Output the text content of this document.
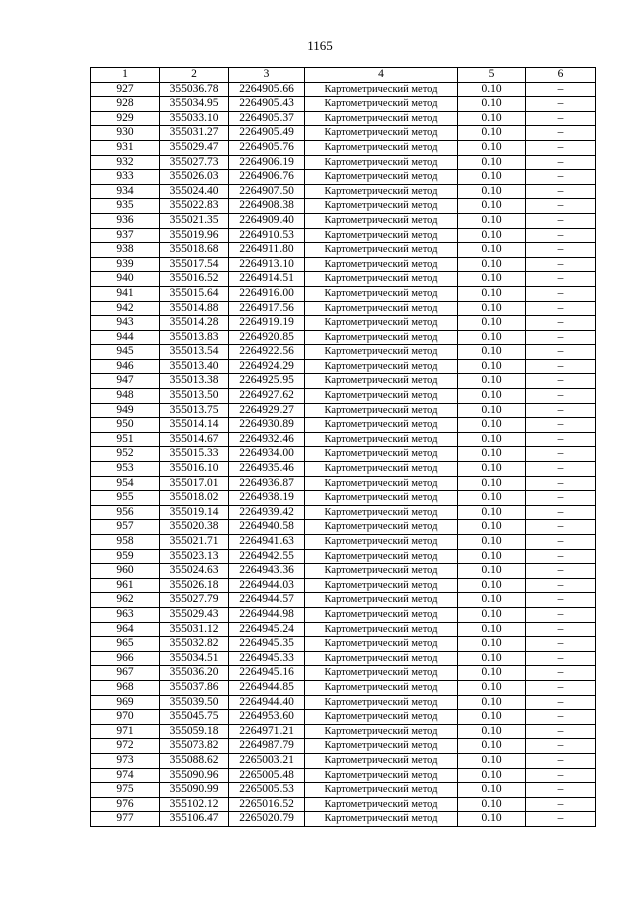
1165
1	2	3	4	5	6
927	355036.78	2264905.66	Картометрический метод	0.10	–
928	355034.95	2264905.43	Картометрический метод	0.10	–
929	355033.10	2264905.37	Картометрический метод	0.10	–
930	355031.27	2264905.49	Картометрический метод	0.10	–
931	355029.47	2264905.76	Картометрический метод	0.10	–
932	355027.73	2264906.19	Картометрический метод	0.10	–
933	355026.03	2264906.76	Картометрический метод	0.10	–
934	355024.40	2264907.50	Картометрический метод	0.10	–
935	355022.83	2264908.38	Картометрический метод	0.10	–
936	355021.35	2264909.40	Картометрический метод	0.10	–
937	355019.96	2264910.53	Картометрический метод	0.10	–
938	355018.68	2264911.80	Картометрический метод	0.10	–
939	355017.54	2264913.10	Картометрический метод	0.10	–
940	355016.52	2264914.51	Картометрический метод	0.10	–
941	355015.64	2264916.00	Картометрический метод	0.10	–
942	355014.88	2264917.56	Картометрический метод	0.10	–
943	355014.28	2264919.19	Картометрический метод	0.10	–
944	355013.83	2264920.85	Картометрический метод	0.10	–
945	355013.54	2264922.56	Картометрический метод	0.10	–
946	355013.40	2264924.29	Картометрический метод	0.10	–
947	355013.38	2264925.95	Картометрический метод	0.10	–
948	355013.50	2264927.62	Картометрический метод	0.10	–
949	355013.75	2264929.27	Картометрический метод	0.10	–
950	355014.14	2264930.89	Картометрический метод	0.10	–
951	355014.67	2264932.46	Картометрический метод	0.10	–
952	355015.33	2264934.00	Картометрический метод	0.10	–
953	355016.10	2264935.46	Картометрический метод	0.10	–
954	355017.01	2264936.87	Картометрический метод	0.10	–
955	355018.02	2264938.19	Картометрический метод	0.10	–
956	355019.14	2264939.42	Картометрический метод	0.10	–
957	355020.38	2264940.58	Картометрический метод	0.10	–
958	355021.71	2264941.63	Картометрический метод	0.10	–
959	355023.13	2264942.55	Картометрический метод	0.10	–
960	355024.63	2264943.36	Картометрический метод	0.10	–
961	355026.18	2264944.03	Картометрический метод	0.10	–
962	355027.79	2264944.57	Картометрический метод	0.10	–
963	355029.43	2264944.98	Картометрический метод	0.10	–
964	355031.12	2264945.24	Картометрический метод	0.10	–
965	355032.82	2264945.35	Картометрический метод	0.10	–
966	355034.51	2264945.33	Картометрический метод	0.10	–
967	355036.20	2264945.16	Картометрический метод	0.10	–
968	355037.86	2264944.85	Картометрический метод	0.10	–
969	355039.50	2264944.40	Картометрический метод	0.10	–
970	355045.75	2264953.60	Картометрический метод	0.10	–
971	355059.18	2264971.21	Картометрический метод	0.10	–
972	355073.82	2264987.79	Картометрический метод	0.10	–
973	355088.62	2265003.21	Картометрический метод	0.10	–
974	355090.96	2265005.48	Картометрический метод	0.10	–
975	355090.99	2265005.53	Картометрический метод	0.10	–
976	355102.12	2265016.52	Картометрический метод	0.10	–
977	355106.47	2265020.79	Картометрический метод	0.10	–
